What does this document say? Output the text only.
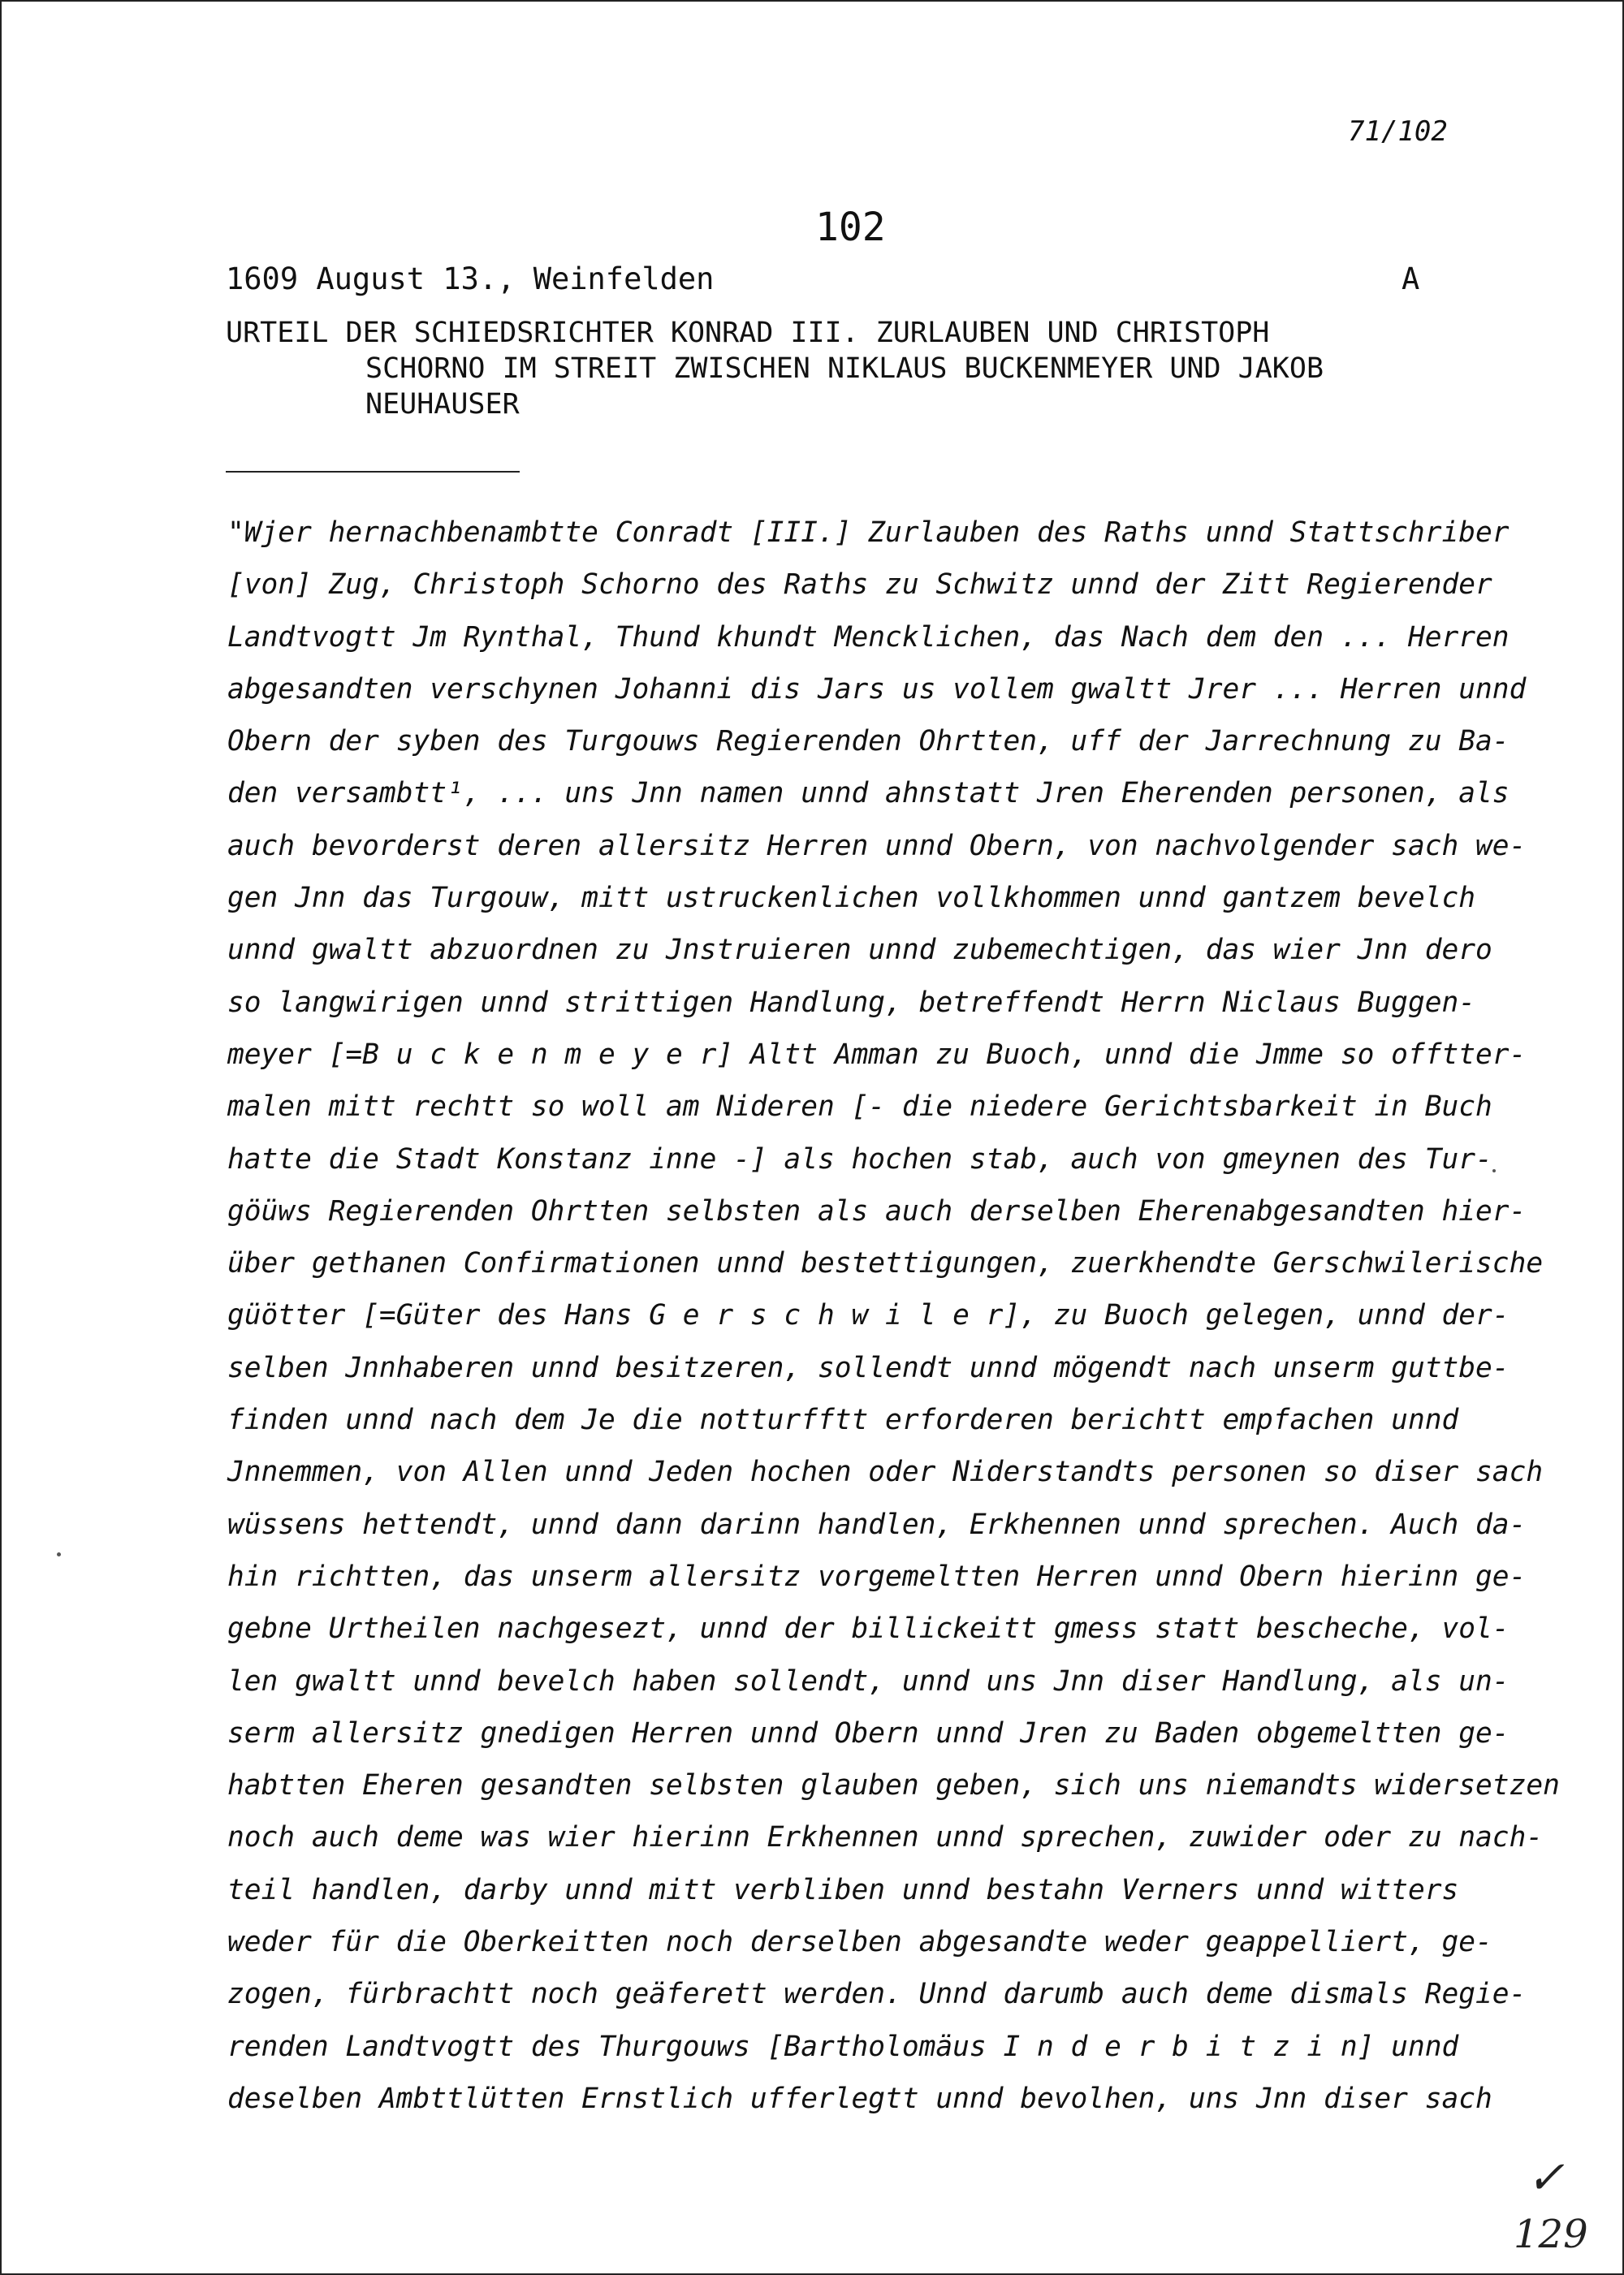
71/102
102
1609 August 13., Weinfelden	A
URTEIL DER SCHIEDSRICHTER KONRAD III. ZURLAUBEN UND CHRISTOPH
SCHORNO IM STREIT ZWISCHEN NIKLAUS BUCKENMEYER UND JAKOB
NEUHAUSER
"Wjer hernachbenambtte Conradt [III.] Zurlauben des Raths unnd Stattschriber
[von] Zug, Christoph Schorno des Raths zu Schwitz unnd der Zitt Regierender
Landtvogtt Jm Rynthal, Thund khundt Mencklichen, das Nach dem den ... Herren
abgesandten verschynen Johanni dis Jars us vollem gwaltt Jrer ... Herren unnd
Obern der syben des Turgouws Regierenden Ohrtten, uff der Jarrechnung zu Ba-
den versambtt¹, ... uns Jnn namen unnd ahnstatt Jren Eherenden personen, als
auch bevorderst deren allersitz Herren unnd Obern, von nachvolgender sach we-
gen Jnn das Turgouw, mitt ustruckenlichen vollkhommen unnd gantzem bevelch
unnd gwaltt abzuordnen zu Jnstruieren unnd zubemechtigen, das wier Jnn dero
so langwirigen unnd strittigen Handlung, betreffendt Herrn Niclaus Buggen-
meyer [=B u c k e n m e y e r] Altt Amman zu Buoch, unnd die Jmme so offtter-
malen mitt rechtt so woll am Nideren [- die niedere Gerichtsbarkeit in Buch
hatte die Stadt Konstanz inne -] als hochen stab, auch von gmeynen des Tur-
göüws Regierenden Ohrtten selbsten als auch derselben Eherenabgesandten hier-
über gethanen Confirmationen unnd bestettigungen, zuerkhendte Gerschwilerische
güötter [=Güter des Hans G e r s c h w i l e r], zu Buoch gelegen, unnd der-
selben Jnnhaberen unnd besitzeren, sollendt unnd mögendt nach unserm guttbe-
finden unnd nach dem Je die notturfftt erforderen berichtt empfachen unnd
Jnnemmen, von Allen unnd Jeden hochen oder Niderstandts personen so diser sach
wüssens hettendt, unnd dann darinn handlen, Erkhennen unnd sprechen. Auch da-
hin richtten, das unserm allersitz vorgemeltten Herren unnd Obern hierinn ge-
gebne Urtheilen nachgesezt, unnd der billickeitt gmess statt bescheche, vol-
len gwaltt unnd bevelch haben sollendt, unnd uns Jnn diser Handlung, als un-
serm allersitz gnedigen Herren unnd Obern unnd Jren zu Baden obgemeltten ge-
habtten Eheren gesandten selbsten glauben geben, sich uns niemandts widersetzen
noch auch deme was wier hierinn Erkhennen unnd sprechen, zuwider oder zu nach-
teil handlen, darby unnd mitt verbliben unnd bestahn Verners unnd witters
weder für die Oberkeitten noch derselben abgesandte weder geappelliert, ge-
zogen, fürbrachtt noch geäferett werden. Unnd darumb auch deme dismals Regie-
renden Landtvogtt des Thurgouws [Bartholomäus I n d e r b i t z i n] unnd
deselben Ambttlütten Ernstlich ufferlegtt unnd bevolhen, uns Jnn diser sach
✓
129
